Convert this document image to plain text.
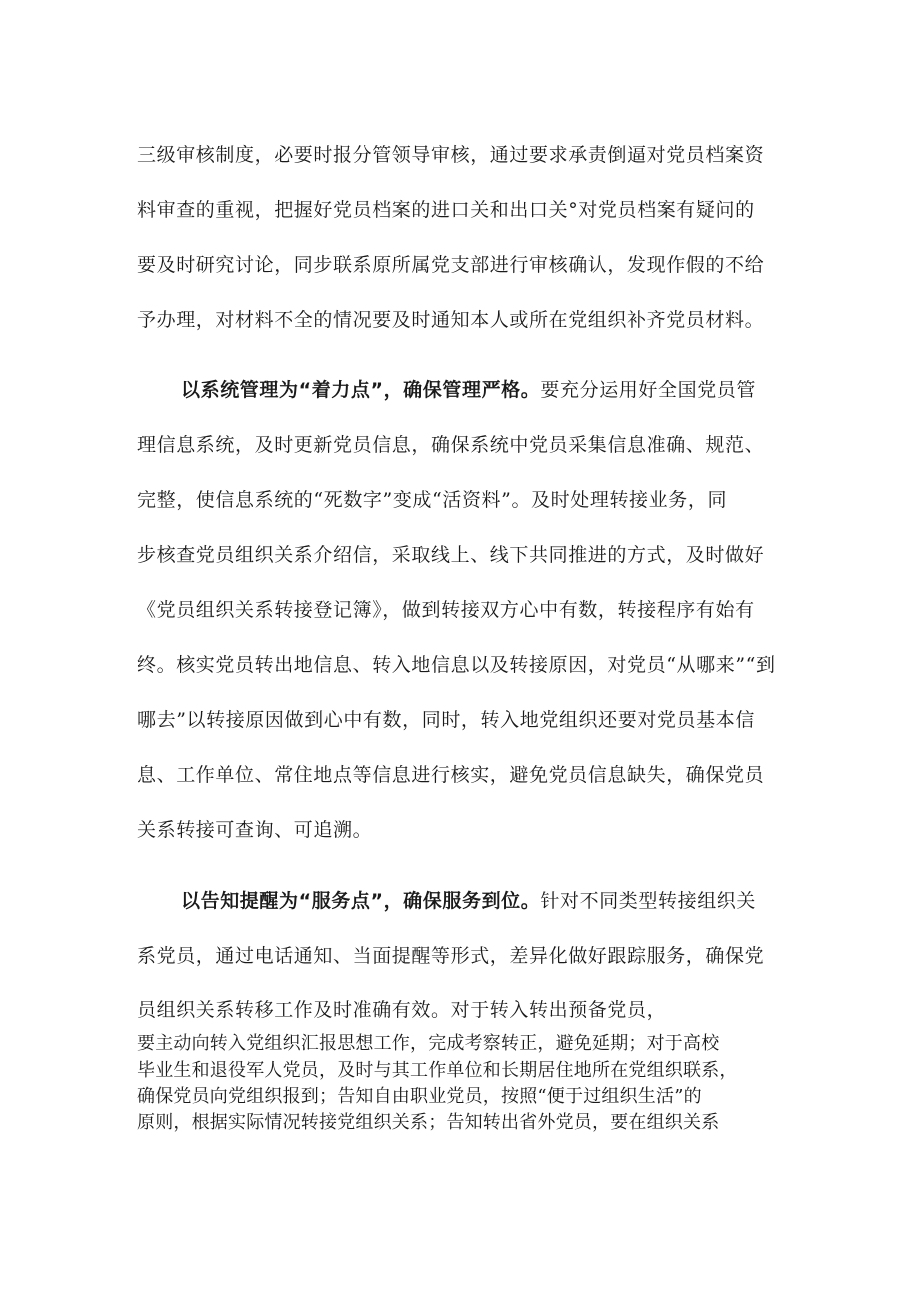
三级审核制度，必要时报分管领导审核，通过要求承责倒逼对党员档案资
料审查的重视，把握好党员档案的进口关和出口关°对党员档案有疑问的
要及时研究讨论，同步联系原所属党支部进行审核确认，发现作假的不给
予办理，对材料不全的情况要及时通知本人或所在党组织补齐党员材料。
以系统管理为“着力点”，确保管理严格。要充分运用好全国党员管
理信息系统，及时更新党员信息，确保系统中党员采集信息准确、规范、
完整，使信息系统的“死数字”变成“活资料”。及时处理转接业务，同
步核查党员组织关系介绍信，采取线上、线下共同推进的方式，及时做好
《党员组织关系转接登记簿》，做到转接双方心中有数，转接程序有始有
终。核实党员转出地信息、转入地信息以及转接原因，对党员“从哪来”“到
哪去”以转接原因做到心中有数，同时，转入地党组织还要对党员基本信
息、工作单位、常住地点等信息进行核实，避免党员信息缺失，确保党员
关系转接可查询、可追溯。
以告知提醒为“服务点”，确保服务到位。针对不同类型转接组织关
系党员，通过电话通知、当面提醒等形式，差异化做好跟踪服务，确保党
员组织关系转移工作及时准确有效。对于转入转出预备党员，
要主动向转入党组织汇报思想工作，完成考察转正，避免延期；对于高校
毕业生和退役军人党员，及时与其工作单位和长期居住地所在党组织联系，
确保党员向党组织报到；告知自由职业党员，按照“便于过组织生活”的
原则，根据实际情况转接党组织关系；告知转出省外党员，要在组织关系
